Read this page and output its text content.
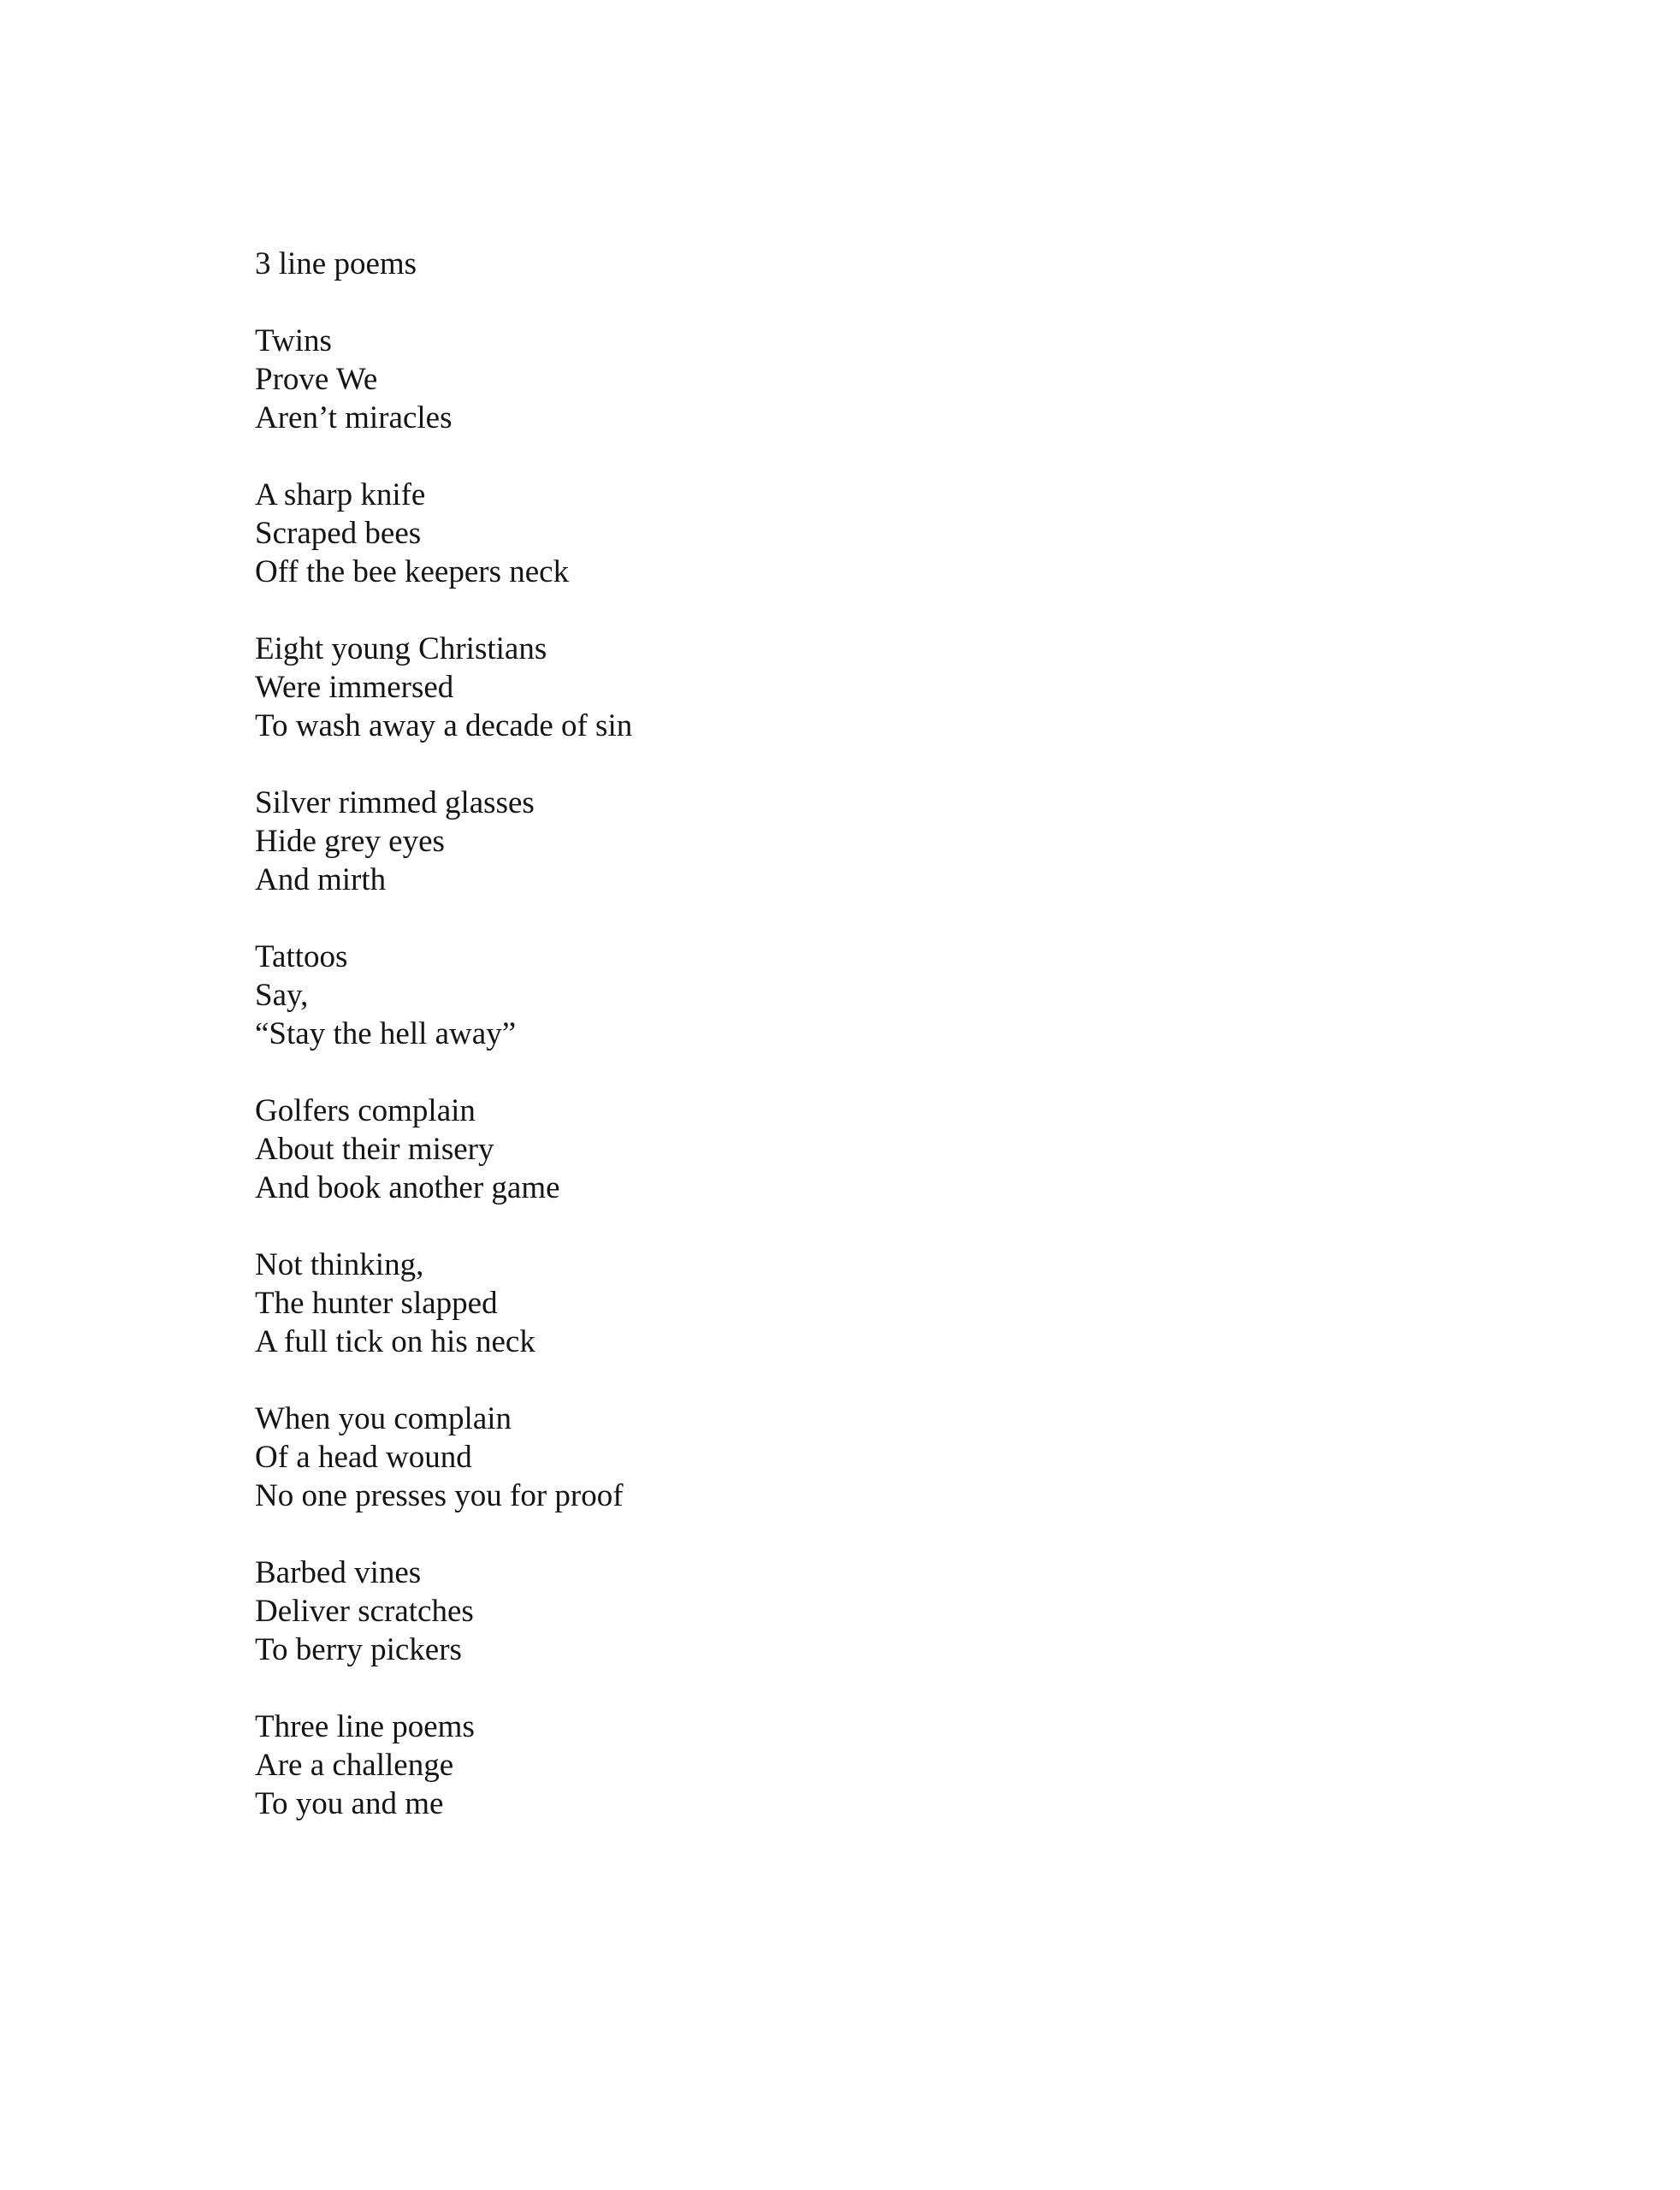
3 line poems
Twins
Prove We
Aren’t miracles
A sharp knife
Scraped bees
Off the bee keepers neck
Eight young Christians
Were immersed
To wash away a decade of sin
Silver rimmed glasses
Hide grey eyes
And mirth
Tattoos
Say,
“Stay the hell away”
Golfers complain
About their misery
And book another game
Not thinking,
The hunter slapped
A full tick on his neck
When you complain
Of a head wound
No one presses you for proof
Barbed vines
Deliver scratches
To berry pickers
Three line poems
Are a challenge
To you and me
